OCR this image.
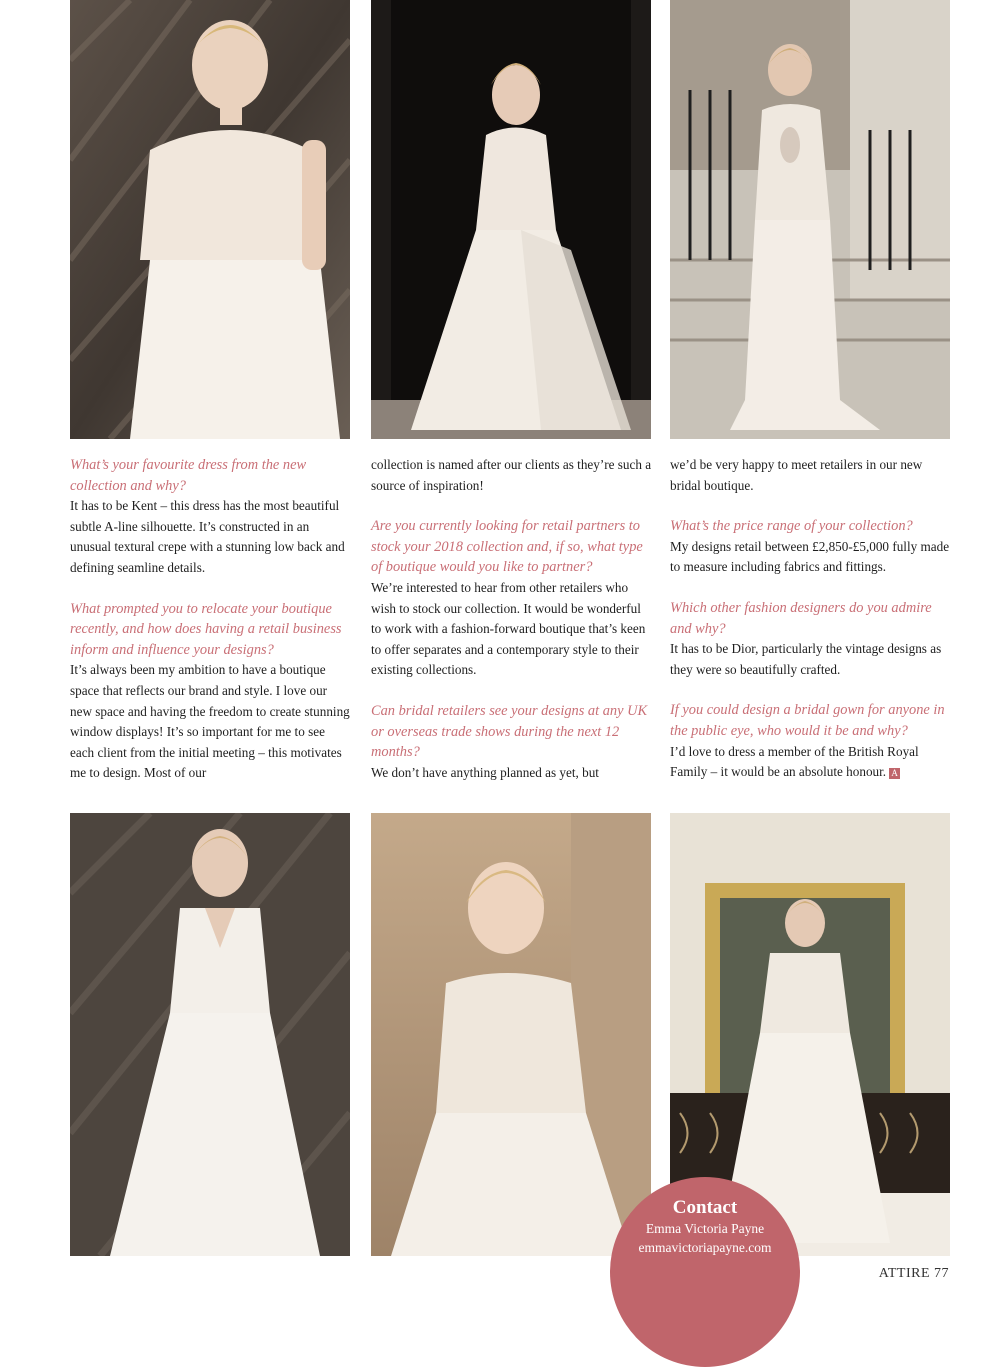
What’s your favourite dress from the new collection and why?

It has to be Kent – this dress has the most beautiful subtle A-line silhouette. It’s constructed in an unusual textural crepe with a stunning low back and defining seamline details.

What prompted you to relocate your boutique recently, and how does having a retail business inform and influence your designs?

It’s always been my ambition to have a boutique space that reflects our brand and style. I love our new space and having the freedom to create stunning window displays! It’s so important for me to see each client from the initial meeting – this motivates me to design. Most of our

collection is named after our clients as they’re such a source of inspiration!

Are you currently looking for retail partners to stock your 2018 collection and, if so, what type of boutique would you like to partner?

We’re interested to hear from other retailers who wish to stock our collection. It would be wonderful to work with a fashion-forward boutique that’s keen to offer separates and a contemporary style to their existing collections.

Can bridal retailers see your designs at any UK or overseas trade shows during the next 12 months?

We don’t have anything planned as yet, but

we’d be very happy to meet retailers in our new bridal boutique.

What’s the price range of your collection?

My designs retail between £2,850-£5,000 fully made to measure including fabrics and fittings.

Which other fashion designers do you admire and why?

It has to be Dior, particularly the vintage designs as they were so beautifully crafted.

If you could design a bridal gown for anyone in the public eye, who would it be and why?

I’d love to dress a member of the British Royal Family – it would be an absolute honour. A

Contact
Emma Victoria Payne
emmavictoriapayne.com
ATTIRE 77
